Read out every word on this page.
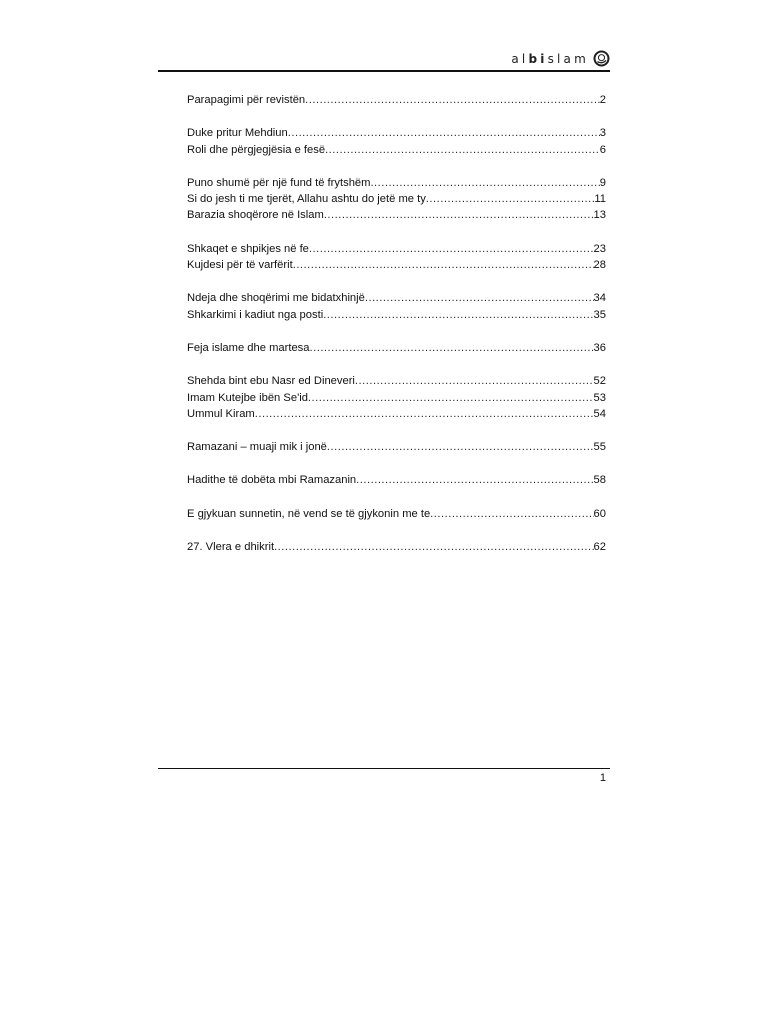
albislam
Parapagimi për revistën .....	2
Duke pritur Mehdiun .....	3
Roli dhe përgjegjësia e fesë .....	6
Puno shumë për një fund të frytshëm .....	9
Si do jesh ti me tjerët, Allahu ashtu do jetë me ty .....	11
Barazia shoqërore në Islam .....	13
Shkaqet e shpikjes në fe .....	23
Kujdesi për të varfërit .....	28
Ndeja dhe shoqërimi me bidatxhinjë .....	34
Shkarkimi i kadiut nga posti .....	35
Feja islame dhe martesa .....	36
Shehda bint ebu Nasr ed Dineveri .....	52
Imam Kutejbe ibën Se'id .....	53
Ummul Kiram .....	54
Ramazani – muaji mik i jonë .....	55
Hadithe të dobëta mbi Ramazanin .....	58
E gjykuan sunnetin, në vend se të gjykonin me te .....	60
27. Vlera e dhikrit .....	62
1
